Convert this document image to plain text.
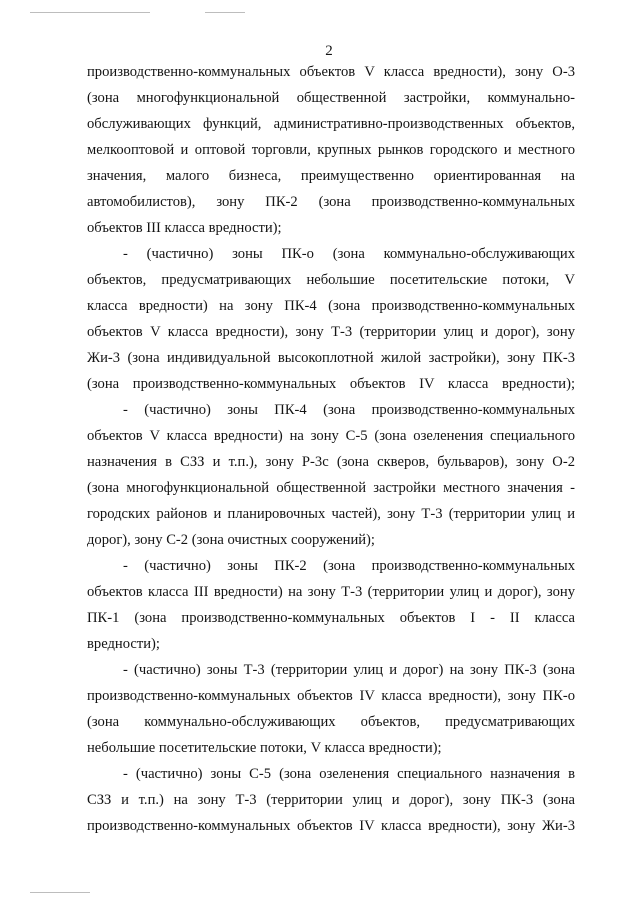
2
производственно-коммунальных объектов V класса вредности), зону О-3
(зона многофункциональной общественной застройки, коммунально-
обслуживающих функций, административно-производственных объектов,
мелкооптовой и оптовой торговли, крупных рынков городского и местного
значения, малого бизнеса, преимущественно ориентированная на
автомобилистов), зону ПК-2 (зона производственно-коммунальных
объектов III класса вредности);
- (частично) зоны ПК-о (зона коммунально-обслуживающих
объектов, предусматривающих небольшие посетительские потоки, V
класса вредности) на зону ПК-4 (зона производственно-коммунальных
объектов V класса вредности), зону Т-3 (территории улиц и дорог), зону
Жи-3 (зона индивидуальной высокоплотной жилой застройки), зону ПК-3
(зона производственно-коммунальных объектов IV класса вредности);
- (частично) зоны ПК-4 (зона производственно-коммунальных
объектов V класса вредности) на зону С-5 (зона озеленения специального
назначения в СЗЗ и т.п.), зону Р-3с (зона скверов, бульваров), зону О-2
(зона многофункциональной общественной застройки местного значения -
городских районов и планировочных частей), зону Т-3 (территории улиц и
дорог), зону С-2 (зона очистных сооружений);
- (частично) зоны ПК-2 (зона производственно-коммунальных
объектов класса III вредности) на зону Т-3 (территории улиц и дорог), зону
ПК-1 (зона производственно-коммунальных объектов I - II класса
вредности);
- (частично) зоны Т-3 (территории улиц и дорог) на зону ПК-3 (зона
производственно-коммунальных объектов IV класса вредности), зону ПК-о
(зона коммунально-обслуживающих объектов, предусматривающих
небольшие посетительские потоки, V класса вредности);
- (частично) зоны С-5 (зона озеленения специального назначения в
СЗЗ и т.п.) на зону Т-3 (территории улиц и дорог), зону ПК-3 (зона
производственно-коммунальных объектов IV класса вредности), зону Жи-3
